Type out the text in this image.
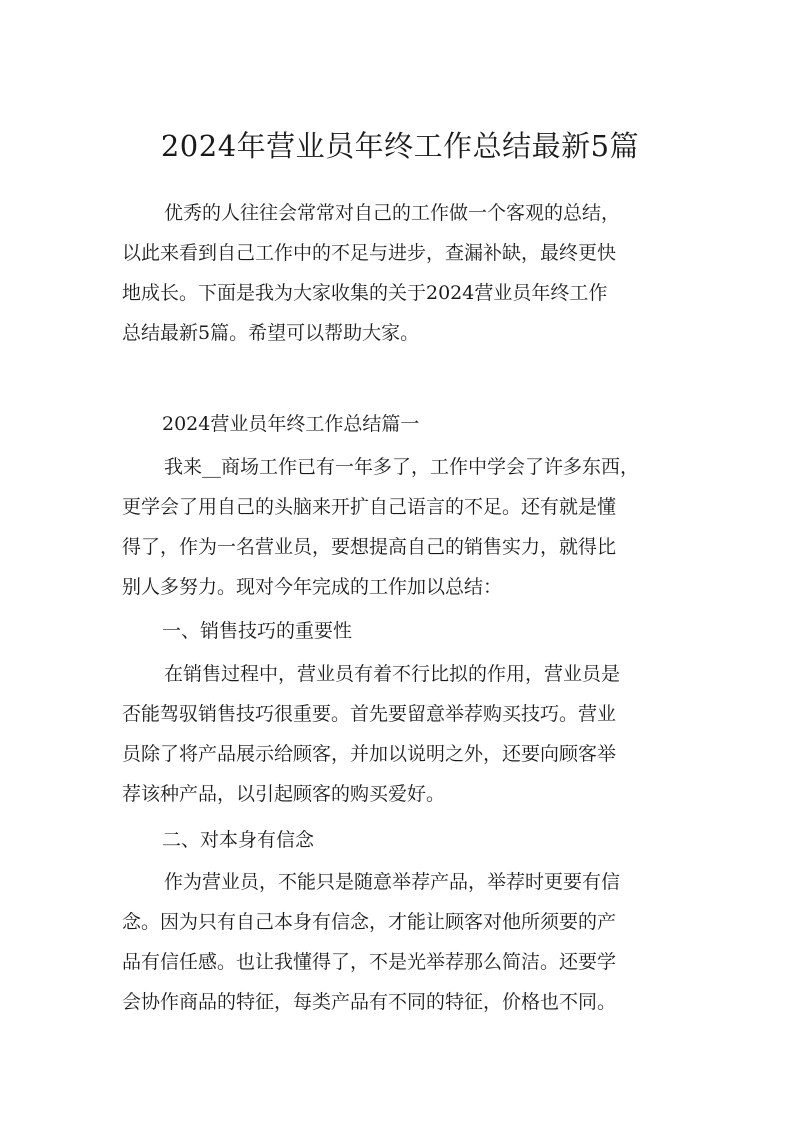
2024年营业员年终工作总结最新5篇
优秀的人往往会常常对自己的工作做一个客观的总结，
以此来看到自己工作中的不足与进步，查漏补缺，最终更快
地成长。下面是我为大家收集的关于2024营业员年终工作
总结最新5篇。希望可以帮助大家。
2024营业员年终工作总结篇一
我来__商场工作已有一年多了，工作中学会了许多东西，
更学会了用自己的头脑来开扩自己语言的不足。还有就是懂
得了，作为一名营业员，要想提高自己的销售实力，就得比
别人多努力。现对今年完成的工作加以总结：
一、销售技巧的重要性
在销售过程中，营业员有着不行比拟的作用，营业员是
否能驾驭销售技巧很重要。首先要留意举荐购买技巧。营业
员除了将产品展示给顾客，并加以说明之外，还要向顾客举
荐该种产品，以引起顾客的购买爱好。
二、对本身有信念
作为营业员，不能只是随意举荐产品，举荐时更要有信
念。因为只有自己本身有信念，才能让顾客对他所须要的产
品有信任感。也让我懂得了，不是光举荐那么简洁。还要学
会协作商品的特征，每类产品有不同的特征，价格也不同。
